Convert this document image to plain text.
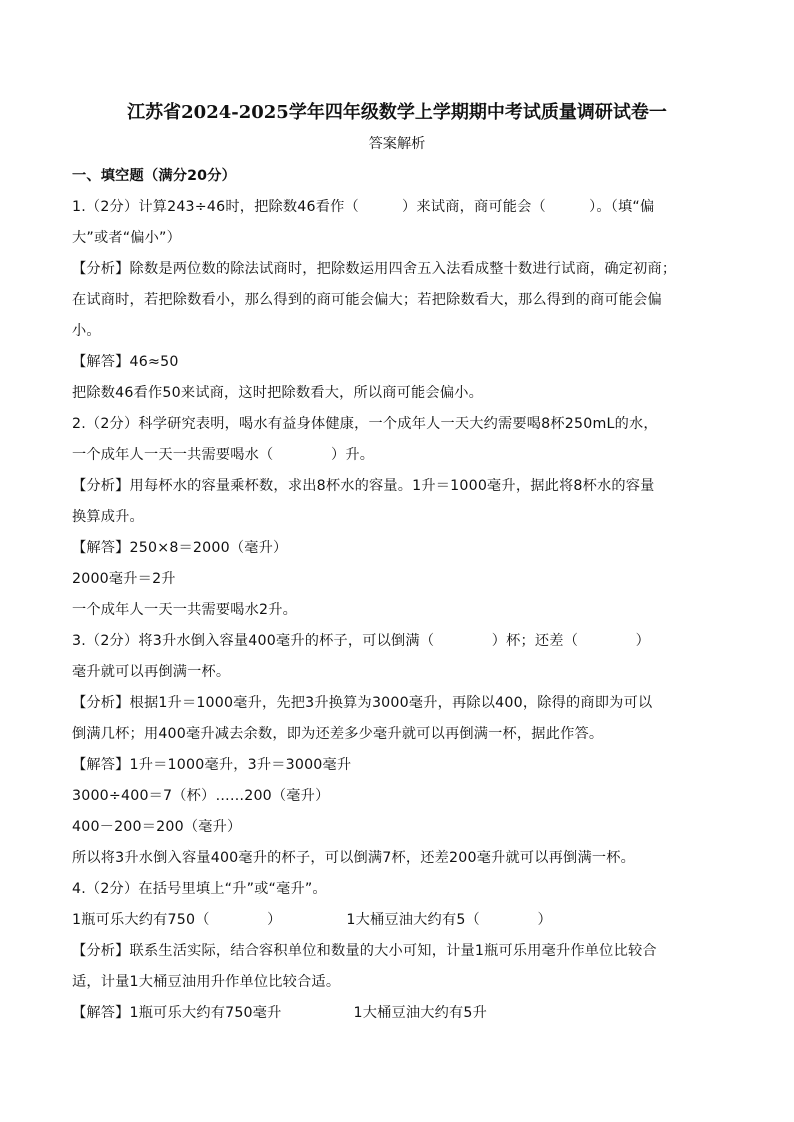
江苏省2024-2025学年四年级数学上学期期中考试质量调研试卷一
答案解析
一、填空题（满分20分）
1.（2分）计算243÷46时，把除数46看作（　　　）来试商，商可能会（　　　）。（填“偏
大”或者“偏小”）
【分析】除数是两位数的除法试商时，把除数运用四舍五入法看成整十数进行试商，确定初商；
在试商时，若把除数看小，那么得到的商可能会偏大；若把除数看大，那么得到的商可能会偏
小。
【解答】46≈50
把除数46看作50来试商，这时把除数看大，所以商可能会偏小。
2.（2分）科学研究表明，喝水有益身体健康，一个成年人一天大约需要喝8杯250mL的水，
一个成年人一天一共需要喝水（　　　　）升。
【分析】用每杯水的容量乘杯数，求出8杯水的容量。1升＝1000毫升，据此将8杯水的容量
换算成升。
【解答】250×8＝2000（毫升）
2000毫升＝2升
一个成年人一天一共需要喝水2升。
3.（2分）将3升水倒入容量400毫升的杯子，可以倒满（　　　　）杯；还差（　　　　）
毫升就可以再倒满一杯。
【分析】根据1升＝1000毫升，先把3升换算为3000毫升，再除以400，除得的商即为可以
倒满几杯；用400毫升减去余数，即为还差多少毫升就可以再倒满一杯，据此作答。
【解答】1升＝1000毫升，3升＝3000毫升
3000÷400＝7（杯）……200（毫升）
400－200＝200（毫升）
所以将3升水倒入容量400毫升的杯子，可以倒满7杯，还差200毫升就可以再倒满一杯。
4.（2分）在括号里填上“升”或“毫升”。
1瓶可乐大约有750（　　　　）　　　　　1大桶豆油大约有5（　　　　）
【分析】联系生活实际，结合容积单位和数量的大小可知，计量1瓶可乐用毫升作单位比较合
适，计量1大桶豆油用升作单位比较合适。
【解答】1瓶可乐大约有750毫升　　　　　1大桶豆油大约有5升
